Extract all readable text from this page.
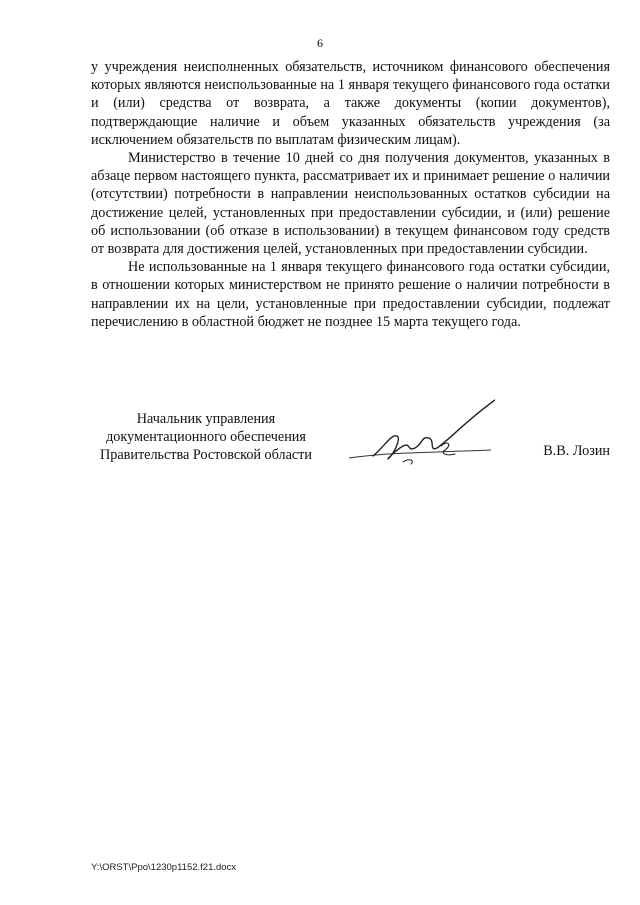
6

у учреждения неисполненных обязательств, источником финансового обеспечения которых являются неиспользованные на 1 января текущего финансового года остатки и (или) средства от возврата, а также документы (копии документов), подтверждающие наличие и объем указанных обязательств учреждения (за исключением обязательств по выплатам физическим лицам).

Министерство в течение 10 дней со дня получения документов, указанных в абзаце первом настоящего пункта, рассматривает их и принимает решение о наличии (отсутствии) потребности в направлении неиспользованных остатков субсидии на достижение целей, установленных при предоставлении субсидии, и (или) решение об использовании (об отказе в использовании) в текущем финансовом году средств от возврата для достижения целей, установленных при предоставлении субсидии.

Не использованные на 1 января текущего финансового года остатки субсидии, в отношении которых министерством не принято решение о наличии потребности в направлении их на цели, установленные при предоставлении субсидии, подлежат перечислению в областной бюджет не позднее 15 марта текущего года.

Начальник управления
документационного обеспечения
Правительства Ростовской области	В.В. Лозин
Y:\ORST\Ppo\1230p1152.f21.docx
